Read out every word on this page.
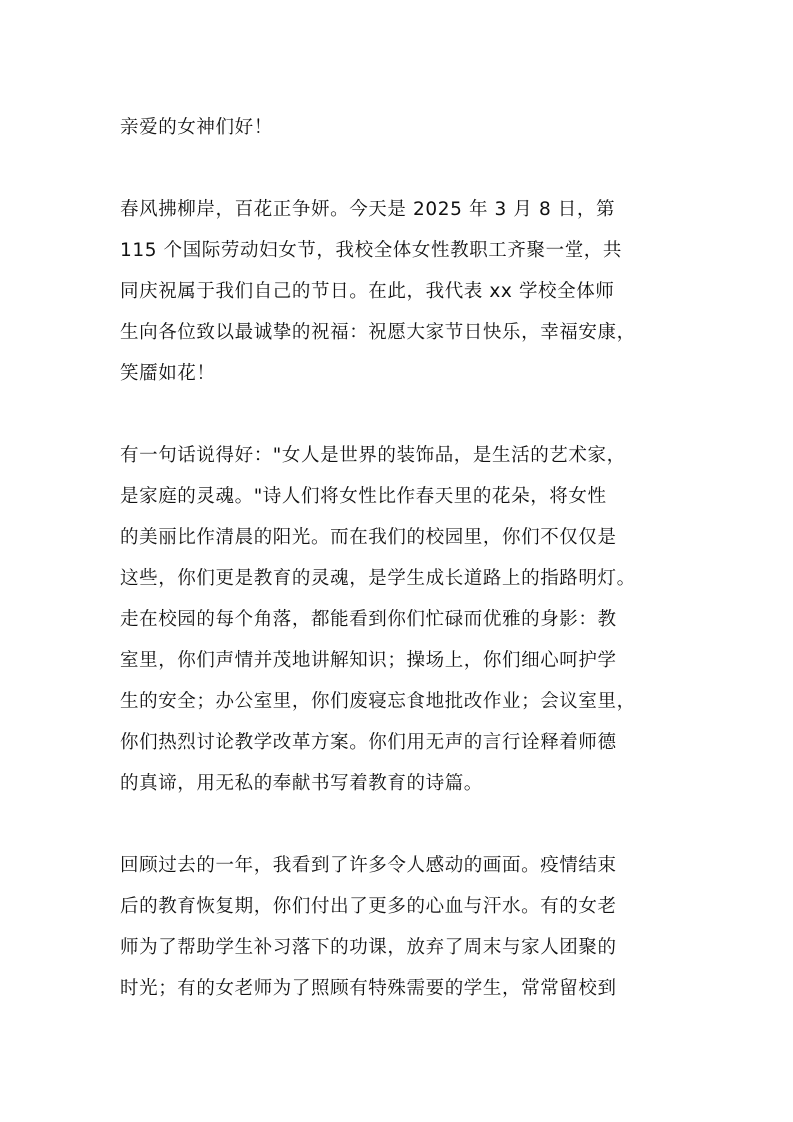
亲爱的女神们好！
春风拂柳岸，百花正争妍。今天是 2025 年 3 月 8 日，第
115 个国际劳动妇女节，我校全体女性教职工齐聚一堂，共
同庆祝属于我们自己的节日。在此，我代表 xx 学校全体师
生向各位致以最诚挚的祝福：祝愿大家节日快乐，幸福安康，
笑靥如花！
有一句话说得好："女人是世界的装饰品，是生活的艺术家，
是家庭的灵魂。"诗人们将女性比作春天里的花朵，将女性
的美丽比作清晨的阳光。而在我们的校园里，你们不仅仅是
这些，你们更是教育的灵魂，是学生成长道路上的指路明灯。
走在校园的每个角落，都能看到你们忙碌而优雅的身影：教
室里，你们声情并茂地讲解知识；操场上，你们细心呵护学
生的安全；办公室里，你们废寝忘食地批改作业；会议室里，
你们热烈讨论教学改革方案。你们用无声的言行诠释着师德
的真谛，用无私的奉献书写着教育的诗篇。
回顾过去的一年，我看到了许多令人感动的画面。疫情结束
后的教育恢复期，你们付出了更多的心血与汗水。有的女老
师为了帮助学生补习落下的功课，放弃了周末与家人团聚的
时光；有的女老师为了照顾有特殊需要的学生，常常留校到
